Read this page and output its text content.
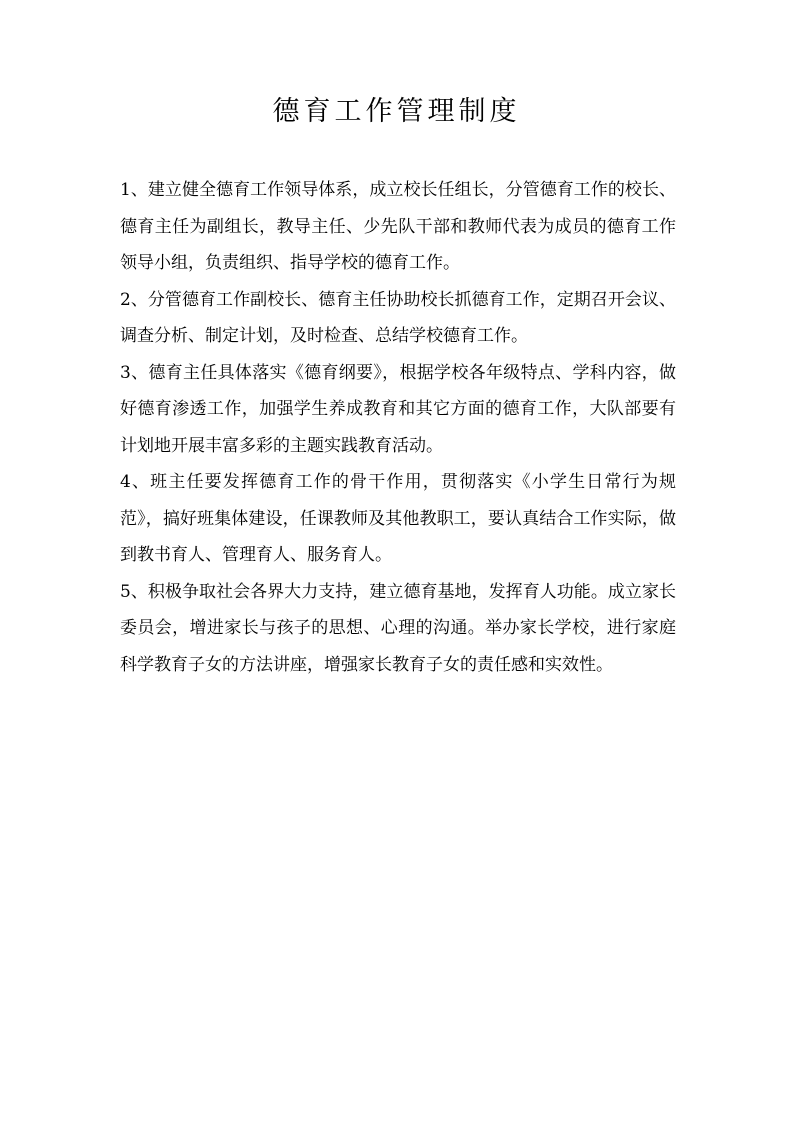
德育工作管理制度

1、建立健全德育工作领导体系，成立校长任组长，分管德育工作的校长、德育主任为副组长，教导主任、少先队干部和教师代表为成员的德育工作领导小组，负责组织、指导学校的德育工作。

2、分管德育工作副校长、德育主任协助校长抓德育工作，定期召开会议、调查分析、制定计划，及时检查、总结学校德育工作。

3、德育主任具体落实《德育纲要》，根据学校各年级特点、学科内容，做好德育渗透工作，加强学生养成教育和其它方面的德育工作，大队部要有计划地开展丰富多彩的主题实践教育活动。

4、班主任要发挥德育工作的骨干作用，贯彻落实《小学生日常行为规范》，搞好班集体建设，任课教师及其他教职工，要认真结合工作实际，做到教书育人、管理育人、服务育人。

5、积极争取社会各界大力支持，建立德育基地，发挥育人功能。成立家长委员会，增进家长与孩子的思想、心理的沟通。举办家长学校，进行家庭科学教育子女的方法讲座，增强家长教育子女的责任感和实效性。
